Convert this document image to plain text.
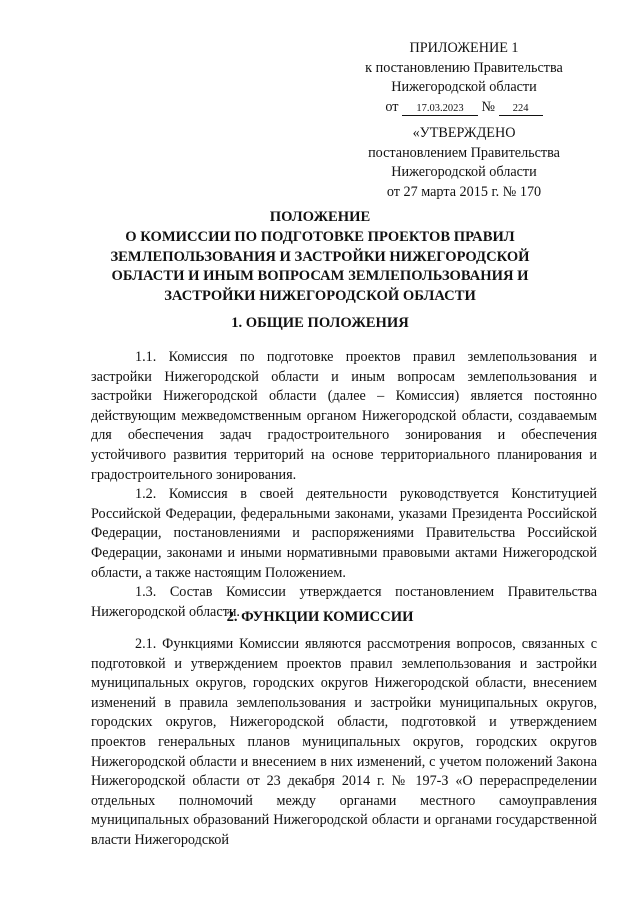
ПРИЛОЖЕНИЕ 1
к постановлению Правительства
Нижегородской области
от 17.03.2023 № 224
«УТВЕРЖДЕНО
постановлением Правительства
Нижегородской области
от 27 марта 2015 г. № 170
ПОЛОЖЕНИЕ
О КОМИССИИ ПО ПОДГОТОВКЕ ПРОЕКТОВ ПРАВИЛ
ЗЕМЛЕПОЛЬЗОВАНИЯ И ЗАСТРОЙКИ НИЖЕГОРОДСКОЙ
ОБЛАСТИ И ИНЫМ ВОПРОСАМ ЗЕМЛЕПОЛЬЗОВАНИЯ И
ЗАСТРОЙКИ НИЖЕГОРОДСКОЙ ОБЛАСТИ
1. ОБЩИЕ ПОЛОЖЕНИЯ

1.1. Комиссия по подготовке проектов правил землепользования и застройки Нижегородской области и иным вопросам землепользования и застройки Нижегородской области (далее – Комиссия) является постоянно действующим межведомственным органом Нижегородской области, создаваемым для обеспечения задач градостроительного зонирования и обеспечения устойчивого развития территорий на основе территориального планирования и градостроительного зонирования.

1.2. Комиссия в своей деятельности руководствуется Конституцией Российской Федерации, федеральными законами, указами Президента Российской Федерации, постановлениями и распоряжениями Правительства Российской Федерации, законами и иными нормативными правовыми актами Нижегородской области, а также настоящим Положением.

1.3. Состав Комиссии утверждается постановлением Правительства Нижегородской области.

2. ФУНКЦИИ КОМИССИИ

2.1. Функциями Комиссии являются рассмотрения вопросов, связанных с подготовкой и утверждением проектов правил землепользования и застройки муниципальных округов, городских округов Нижегородской области, внесением изменений в правила землепользования и застройки муниципальных округов, городских округов, Нижегородской области, подготовкой и утверждением проектов генеральных планов муниципальных округов, городских округов Нижегородской области и внесением в них изменений, с учетом положений Закона Нижегородской области от 23 декабря 2014 г. № 197-З «О перераспределении отдельных полномочий между органами местного самоуправления муниципальных образований Нижегородской области и органами государственной власти Нижегородской
